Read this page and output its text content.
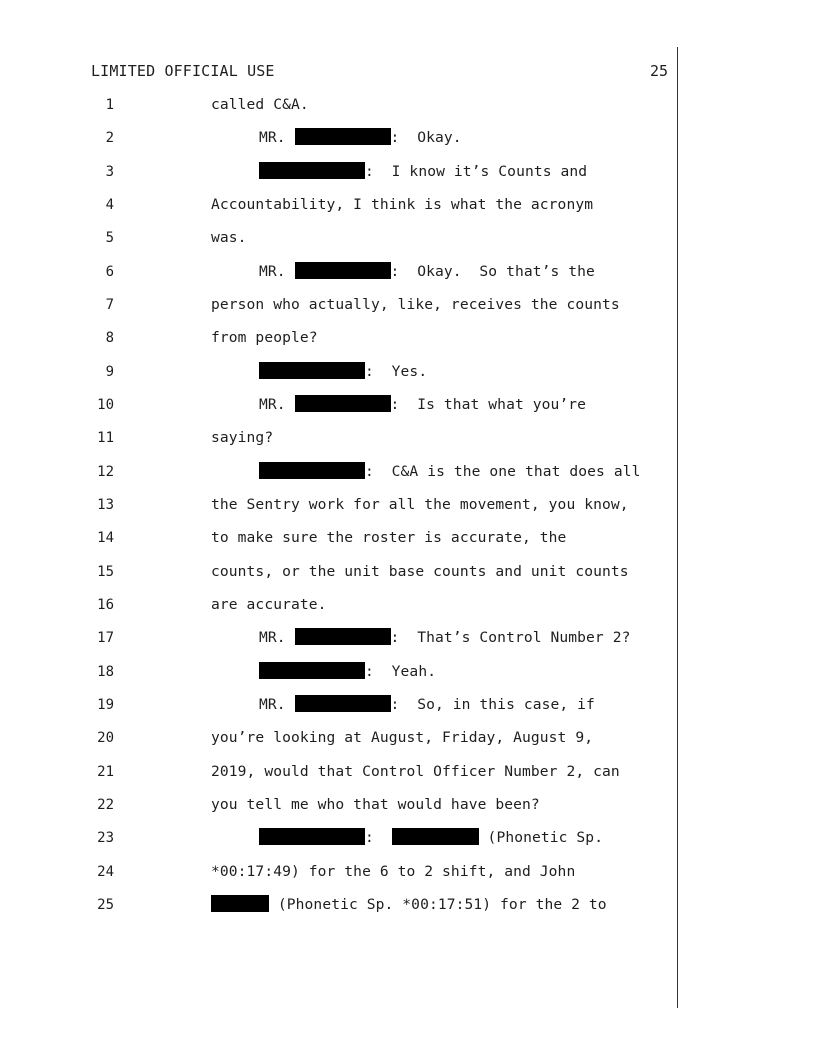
LIMITED OFFICIAL USE	25
1	called C&A.
2	MR.	:  Okay.
3	:  I know it’s Counts and
4	Accountability, I think is what the acronym
5	was.
6	MR.	:  Okay.  So that’s the
7	person who actually, like, receives the counts
8	from people?
9	:  Yes.
10	MR.	:  Is that what you’re
11	saying?
12	:  C&A is the one that does all
13	the Sentry work for all the movement, you know,
14	to make sure the roster is accurate, the
15	counts, or the unit base counts and unit counts
16	are accurate.
17	MR.	:  That’s Control Number 2?
18	:  Yeah.
19	MR.	:  So, in this case, if
20	you’re looking at August, Friday, August 9,
21	2019, would that Control Officer Number 2, can
22	you tell me who that would have been?
23	:	(Phonetic Sp.
24	*00:17:49) for the 6 to 2 shift, and John
25	(Phonetic Sp. *00:17:51) for the 2 to
